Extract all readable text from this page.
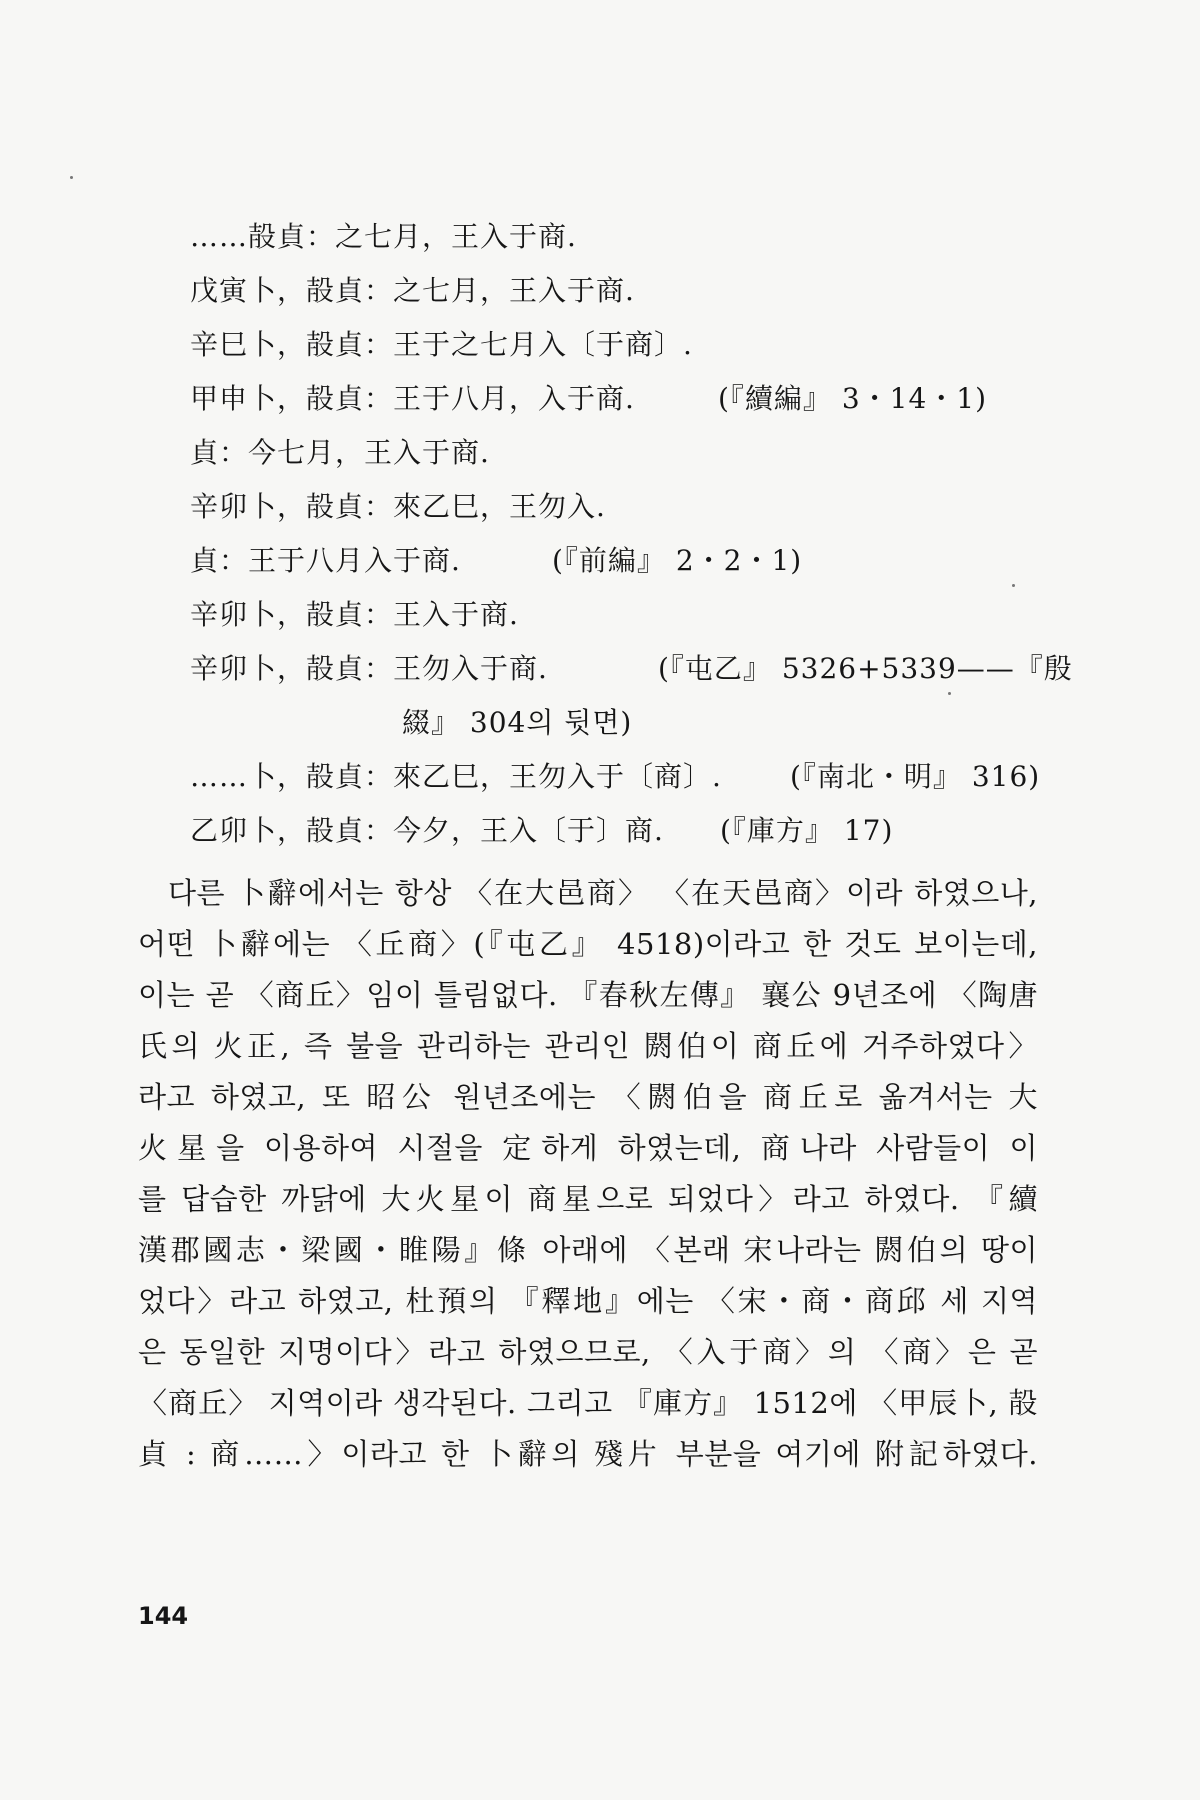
……㱿貞：之七月，王入于商.
戊寅卜，㱿貞：之七月，王入于商.
辛巳卜，㱿貞：王于之七月入〔于商〕.
甲申卜，㱿貞：王于八月，入于商.	(『續編』 3・14・1)
貞：今七月，王入于商.
辛卯卜，㱿貞：來乙巳，王勿入.
貞：王于八月入于商.	(『前編』 2・2・1)
辛卯卜，㱿貞：王入于商.
辛卯卜，㱿貞：王勿入于商.	(『屯乙』 5326+5339——『殷
綴』 304의 뒷면)
……卜，㱿貞：來乙巳，王勿入于〔商〕. (『南北・明』 316)
乙卯卜，㱿貞：今夕，王入〔于〕商. (『庫方』 17)
다른 卜辭에서는 항상 〈在大邑商〉 〈在天邑商〉이라 하였으나,
어떤 卜辭에는 〈丘商〉(『屯乙』 4518)이라고 한 것도 보이는데,
이는 곧 〈商丘〉임이 틀림없다. 『春秋左傳』 襄公 9년조에 〈陶唐
氏의 火正, 즉 불을 관리하는 관리인 閼伯이 商丘에 거주하였다〉
라고 하였고, 또 昭公 원년조에는 〈閼伯을 商丘로 옮겨서는 大
火星을 이용하여 시절을 定하게 하였는데, 商나라 사람들이 이
를 답습한 까닭에 大火星이 商星으로 되었다〉라고 하였다. 『續
漢郡國志・梁國・睢陽』條 아래에 〈본래 宋나라는 閼伯의 땅이
었다〉라고 하였고, 杜預의 『釋地』에는 〈宋・商・商邱 세 지역
은 동일한 지명이다〉라고 하였으므로, 〈入于商〉의 〈商〉은 곧
〈商丘〉 지역이라 생각된다. 그리고 『庫方』 1512에 〈甲辰卜, 㱿
貞 : 商……〉이라고 한 卜辭의 殘片 부분을 여기에 附記하였다.
144
